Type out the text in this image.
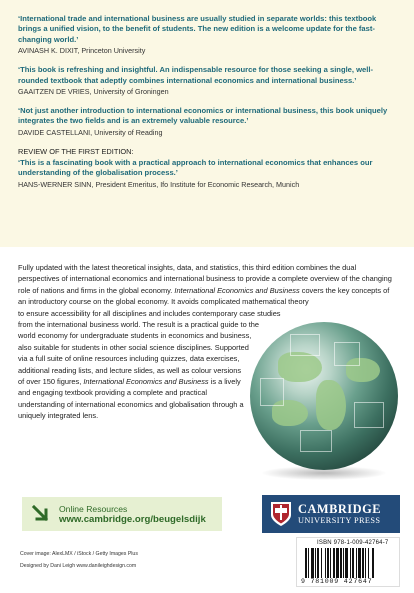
‘International trade and international business are usually studied in separate worlds: this textbook brings a unified vision, to the benefit of students. The new edition is a welcome update for the fast-changing world.’
AVINASH K. DIXIT, Princeton University
‘This book is refreshing and insightful. An indispensable resource for those seeking a single, well-rounded textbook that adeptly combines international economics and international business.’
GAAITZEN DE VRIES, University of Groningen
‘Not just another introduction to international economics or international business, this book uniquely integrates the two fields and is an extremely valuable resource.’
DAVIDE CASTELLANI, University of Reading
REVIEW OF THE FIRST EDITION:
‘This is a fascinating book with a practical approach to international economics that enhances our understanding of the globalisation process.’
HANS-WERNER SINN, President Emeritus, Ifo Institute for Economic Research, Munich

Fully updated with the latest theoretical insights, data, and statistics, this third edition combines the dual perspectives of international economics and international business to provide a complete overview of the changing role of nations and firms in the global economy. International Economics and Business covers the key concepts of an introductory course on the global economy. It avoids complicated mathematical theory to ensure accessibility for all disciplines and includes contemporary case studies from the international business world. The result is a practical guide to the world economy for undergraduate students in economics and business, also suitable for students in other social science disciplines. Supported via a full suite of online resources including quizzes, data exercises, additional reading lists, and lecture slides, as well as colour versions of over 150 figures, International Economics and Business is a lively and engaging textbook providing a complete and practical understanding of international economics and globalisation through a uniquely integrated lens.

Online Resources
www.cambridge.org/beugelsdijk
Cover image: AlexLMX / iStock / Getty Images Plus
Designed by Dani Leigh www.danileighdesign.com
CAMBRIDGE
UNIVERSITY PRESS
ISBN 978-1-009-42764-7
9 781009 427647
